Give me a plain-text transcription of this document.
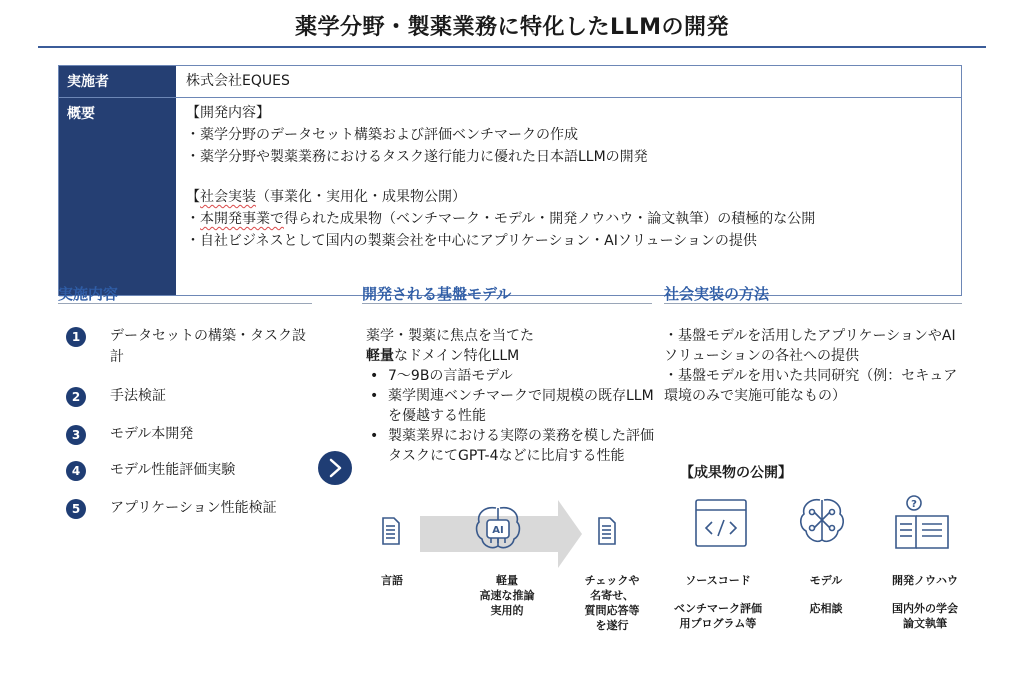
薬学分野・製薬業務に特化したLLMの開発
実施者	株式会社EQUES
概要	【開発内容】
・薬学分野のデータセット構築および評価ベンチマークの作成
・薬学分野や製薬業務におけるタスク遂行能力に優れた日本語LLMの開発
【社会実装（事業化・実用化・成果物公開）
・本開発事業で得られた成果物（ベンチマーク・モデル・開発ノウハウ・論文執筆）の積極的な公開
・自社ビジネスとして国内の製薬会社を中心にアプリケーション・AIソリューションの提供
実施内容	開発される基盤モデル	社会実装の方法
1	データセットの構築・タスク設計
2	手法検証
3	モデル本開発
4	モデル性能評価実験
5	アプリケーション性能検証
薬学・製薬に焦点を当てた
軽量なドメイン特化LLM
• 7〜9Bの言語モデル
• 薬学関連ベンチマークで同規模の既存LLMを優越する性能
• 製薬業界における実際の業務を模した評価タスクにてGPT-4などに比肩する性能
AI
言語	軽量
高速な推論
実用的
チェックや
名寄せ、
質問応答等
を遂行
・基盤モデルを活用したアプリケーションやAIソリューションの各社への提供
・基盤モデルを用いた共同研究（例：セキュア環境のみで実施可能なもの）
【成果物の公開】
?
ソースコード
ベンチマーク評価
用プログラム等
モデル
応相談
開発ノウハウ
国内外の学会
論文執筆
